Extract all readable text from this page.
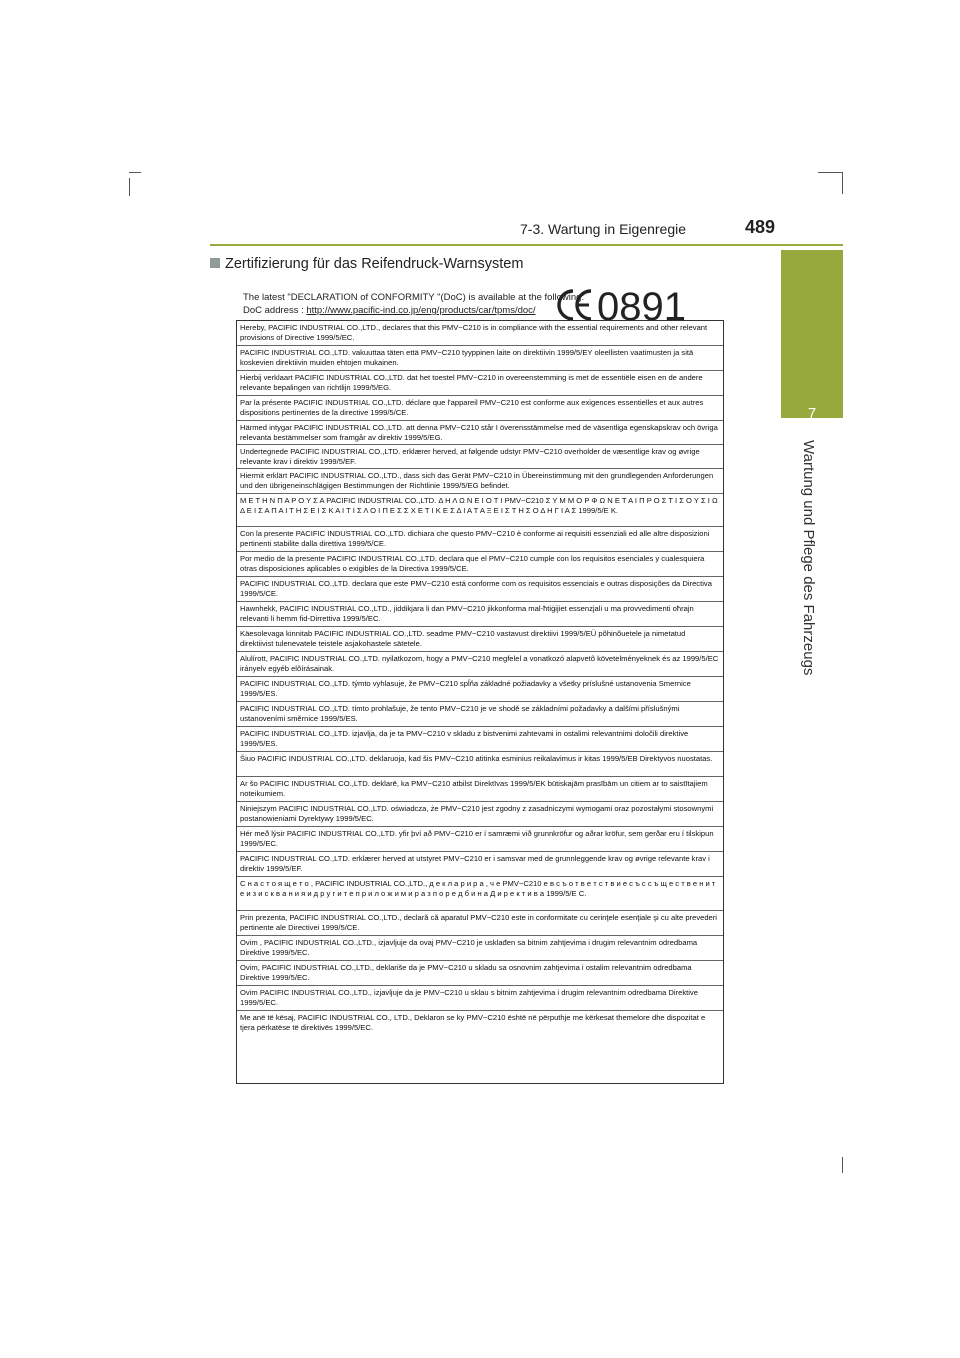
7-3. Wartung in Eigenregie	489
7
Wartung und Pflege des Fahrzeugs
Zertifizierung für das Reifendruck-Warnsystem
The latest "DECLARATION of CONFORMITY "(DoC) is available at the following:
DoC address : http://www.pacific-ind.co.jp/eng/products/car/tpms/doc/ 0891
Hereby, PACIFIC INDUSTRIAL CO.,LTD., declares that this PMV−C210 is in compliance with the essential requirements and other relevant provisions of Directive 1999/5/EC.
PACIFIC INDUSTRIAL CO.,LTD. vakuuttaa täten että PMV−C210 tyyppinen laite on direktiivin 1999/5/EY oleellisten vaatimusten ja sitä koskevien direktiivin muiden ehtojen mukainen.
Hierbij verklaart PACIFIC INDUSTRIAL CO.,LTD. dat het toestel PMV−C210 in overeenstemming is met de essentiële eisen en de andere relevante bepalingen van richtlijn 1999/5/EG.
Par la présente PACIFIC INDUSTRIAL CO.,LTD. déclare que l'appareil PMV−C210 est conforme aux exigences essentielles et aux autres dispositions pertinentes de la directive 1999/5/CE.
Härmed intygar PACIFIC INDUSTRIAL CO.,LTD. att denna PMV−C210 står I överensstämmelse med de väsentliga egenskapskrav och övriga relevanta bestämmelser som framgår av direktiv 1999/5/EG.
Undertegnede PACIFIC INDUSTRIAL CO.,LTD. erklærer herved, at følgende udstyr PMV−C210 overholder de væsentlige krav og øvrige relevante krav i direktiv 1999/5/EF.
Hiermit erklärt PACIFIC INDUSTRIAL CO.,LTD., dass sich das Gerät PMV−C210 in Übereinstimmung mit den grundlegenden Anforderungen und den übrigeneinschlägigen Bestimmungen der Richtlinie 1999/5/EG befindet.
Μ Ε Τ Η Ν Π Α Ρ Ο Υ Σ Α PACIFIC INDUSTRIAL CO.,LTD. Δ Η Λ Ω Ν Ε Ι Ο Τ Ι PMV−C210 Σ Υ Μ Μ Ο Ρ Φ Ω Ν Ε Τ Α Ι Π Ρ Ο Σ Τ Ι Σ Ο Υ Σ Ι Ω Δ Ε Ι Σ Α Π Α Ι Τ Η Σ Ε Ι Σ Κ Α Ι Τ Ι Σ Λ Ο Ι Π Ε Σ Σ Χ Ε Τ Ι Κ Ε Σ Δ Ι Α Τ Α Ξ Ε Ι Σ Τ Η Σ Ο Δ Η Γ Ι Α Σ 1999/5/Ε Κ.
Con la presente PACIFIC INDUSTRIAL CO.,LTD. dichiara che questo PMV−C210 è conforme ai requisiti essenziali ed alle altre disposizioni pertinenti stabilite dalla direttiva 1999/5/CE.
Por medio de la presente PACIFIC INDUSTRIAL CO.,LTD. declara que el PMV−C210 cumple con los requisitos esenciales y cualesquiera otras disposiciones aplicables o exigibles de la Directiva 1999/5/CE.
PACIFIC INDUSTRIAL CO.,LTD. declara que este PMV−C210 está conforme com os requisitos essenciais e outras disposições da Directiva 1999/5/CE.
Hawnhekk, PACIFIC INDUSTRIAL CO.,LTD., jiddikjara li dan PMV−C210 jikkonforma mal-ħtiġijiet essenzjali u ma provvedimenti oħrajn relevanti li hemm fid-Dirrettiva 1999/5/EC.
Käesolevaga kinnitab PACIFIC INDUSTRIAL CO.,LTD. seadme PMV−C210 vastavust direktiivi 1999/5/EÜ põhinõuetele ja nimetatud direktiivist tulenevatele teistele asjakohastele sätetele.
Alulírott, PACIFIC INDUSTRIAL CO.,LTD. nyilatkozom, hogy a PMV−C210 megfelel a vonatkozó alapvetõ követelményeknek és az 1999/5/EC irányelv egyéb elõírásainak.
PACIFIC INDUSTRIAL CO.,LTD. týmto vyhlasuje, že PMV−C210 spĺňa základné požiadavky a všetky príslušné ustanovenia Smernice 1999/5/ES.
PACIFIC INDUSTRIAL CO.,LTD. tímto prohlašuje, že tento PMV−C210 je ve shodě se základními požadavky a dalšími příslušnými ustanoveními směrnice 1999/5/ES.
PACIFIC INDUSTRIAL CO.,LTD. izjavlja, da je ta PMV−C210 v skladu z bistvenimi zahtevami in ostalimi relevantnimi določili direktive 1999/5/ES.
Šiuo PACIFIC INDUSTRIAL CO.,LTD. deklaruoja, kad šis PMV−C210 atitinka esminius reikalavimus ir kitas 1999/5/EB Direktyvos nuostatas.
Ar šo PACIFIC INDUSTRIAL CO.,LTD. deklarē, ka PMV−C210 atbilst Direktīvas 1999/5/EK būtiskajām prasībām un citiem ar to saistītajiem noteikumiem.
Niniejszym PACIFIC INDUSTRIAL CO.,LTD. oświadcza, że PMV−C210 jest zgodny z zasadniczymi wymogami oraz pozostałymi stosownymi postanowieniami Dyrektywy 1999/5/EC.
Hér með lýsir PACIFIC INDUSTRIAL CO.,LTD. yfir því að PMV−C210 er í samræmi við grunnkröfur og aðrar kröfur, sem gerðar eru í tilskipun 1999/5/EC.
PACIFIC INDUSTRIAL CO.,LTD. erklærer herved at utstyret PMV−C210 er i samsvar med de grunnleggende krav og øvrige relevante krav i direktiv 1999/5/EF.
С н а с т о я щ е т о , PACIFIC INDUSTRIAL CO.,LTD., д е к л а р и р а , ч е PMV−C210 е в с ъ о т в е т с т в и е с ъ с с ъ щ е с т в е н и т е и з и с к в а н и я и д р у г и т е п р и л о ж и м и р а з п о р е д б и н а Д и р е к т и в а 1999/5/Е С.
Prin prezenta, PACIFIC INDUSTRIAL CO.,LTD., declară că aparatul PMV−C210 este in conformitate cu cerinţele esenţiale şi cu alte prevederi pertinente ale Directivei 1999/5/CE.
Ovim , PACIFIC INDUSTRIAL CO.,LTD., izjavljuje da ovaj PMV−C210 je usklađen sa bitnim zahtjevima i drugim relevantnim odredbama Direktive 1999/5/EC.
Ovim, PACIFIC INDUSTRIAL CO.,LTD., deklariše da je PMV−C210 u skladu sa osnovnim zahtjevima i ostalim relevantnim odredbama Direktive 1999/5/EC.
Ovim PACIFIC INDUSTRIAL CO.,LTD., izjavljuje da je PMV−C210 u sklau s bitnim zahtjevima i drugim relevantnim odredbama Direktive 1999/5/EC.
Me anë të kësaj, PACIFIC INDUSTRIAL CO., LTD., Deklaron se ky PMV−C210 është në përputhje me kërkesat themelore dhe dispozitat e tjera përkatëse të direktivës 1999/5/EC.
